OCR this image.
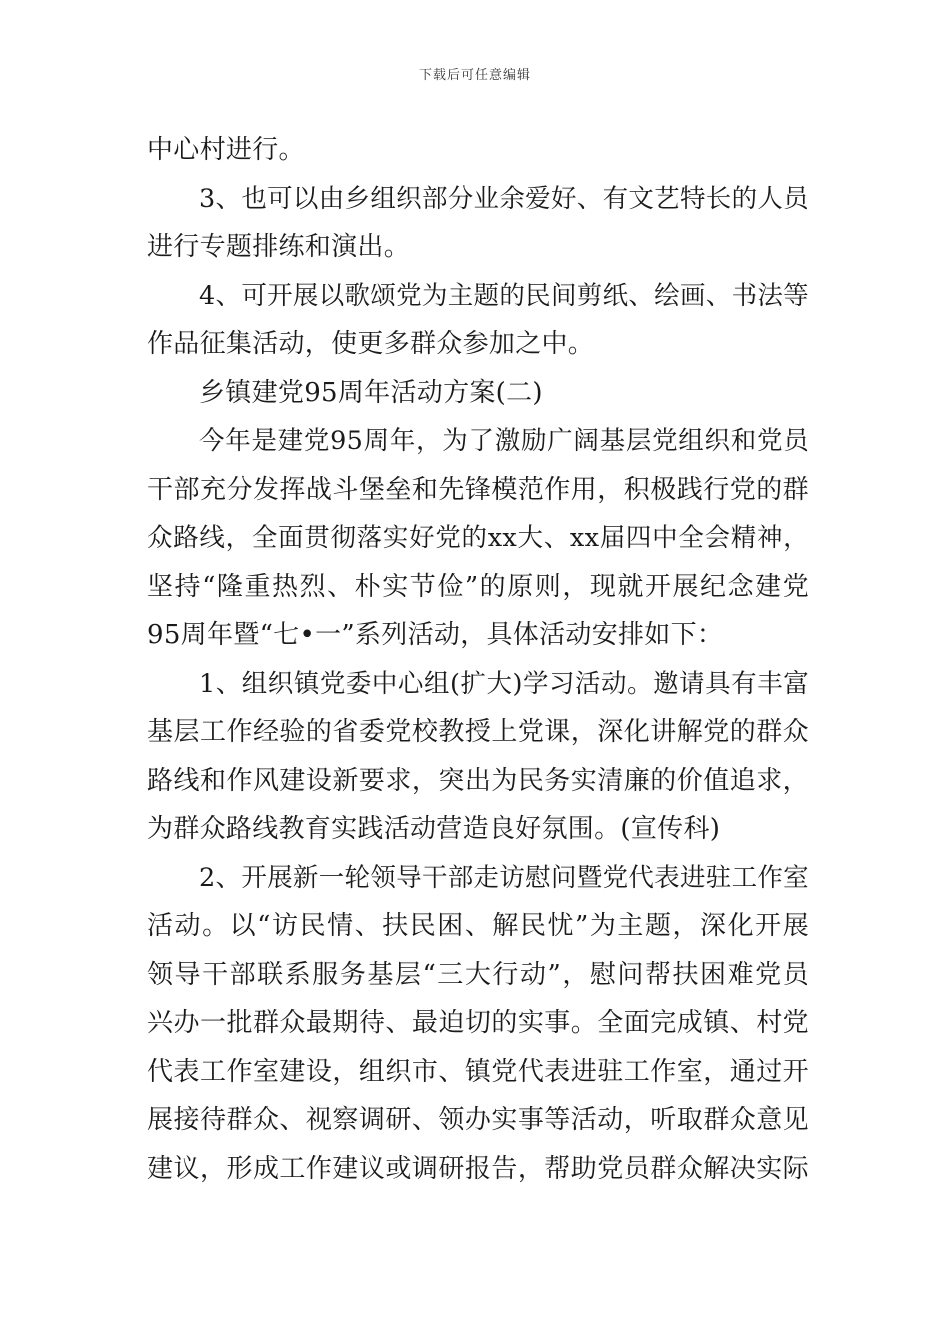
下载后可任意编辑
中心村进行。
3、也可以由乡组织部分业余爱好、有文艺特长的人员
进行专题排练和演出。
4、可开展以歌颂党为主题的民间剪纸、绘画、书法等
作品征集活动，使更多群众参加之中。
乡镇建党95周年活动方案(二)
今年是建党95周年，为了激励广阔基层党组织和党员
干部充分发挥战斗堡垒和先锋模范作用，积极践行党的群
众路线，全面贯彻落实好党的xx大、xx届四中全会精神，
坚持“隆重热烈、朴实节俭”的原则，现就开展纪念建党
95周年暨“七•一”系列活动，具体活动安排如下：
1、组织镇党委中心组(扩大)学习活动。邀请具有丰富
基层工作经验的省委党校教授上党课，深化讲解党的群众
路线和作风建设新要求，突出为民务实清廉的价值追求，
为群众路线教育实践活动营造良好氛围。(宣传科)
2、开展新一轮领导干部走访慰问暨党代表进驻工作室
活动。以“访民情、扶民困、解民忧”为主题，深化开展
领导干部联系服务基层“三大行动”，慰问帮扶困难党员
兴办一批群众最期待、最迫切的实事。全面完成镇、村党
代表工作室建设，组织市、镇党代表进驻工作室，通过开
展接待群众、视察调研、领办实事等活动，听取群众意见
建议，形成工作建议或调研报告，帮助党员群众解决实际
